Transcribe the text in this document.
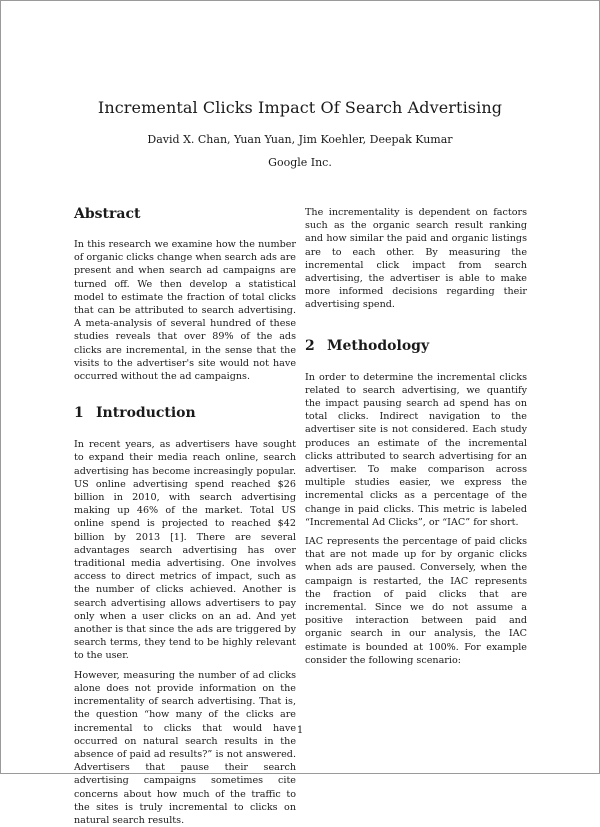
Incremental Clicks Impact Of Search Advertising
David X. Chan, Yuan Yuan, Jim Koehler, Deepak Kumar
Google Inc.
Abstract

In this research we examine how the number of organic clicks change when search ads are present and when search ad campaigns are turned off. We then develop a statistical model to estimate the fraction of total clicks that can be attributed to search advertising. A meta-analysis of several hundred of these studies reveals that over 89% of the ads clicks are incremental, in the sense that the visits to the advertiser's site would not have occurred without the ad campaigns.

1 Introduction

In recent years, as advertisers have sought to expand their media reach online, search advertising has become increasingly popular. US online advertising spend reached $26 billion in 2010, with search advertising making up 46% of the market. Total US online spend is projected to reached $42 billion by 2013 [1]. There are several advantages search advertising has over traditional media advertising. One involves access to direct metrics of impact, such as the number of clicks achieved. Another is search advertising allows advertisers to pay only when a user clicks on an ad. And yet another is that since the ads are triggered by search terms, they tend to be highly relevant to the user.

However, measuring the number of ad clicks alone does not provide information on the incrementality of search advertising. That is, the question “how many of the clicks are incremental to clicks that would have occurred on natural search results in the absence of paid ad results?” is not answered. Advertisers that pause their search advertising campaigns sometimes cite concerns about how much of the traffic to the sites is truly incremental to clicks on natural search results.

The incrementality is dependent on factors such as the organic search result ranking and how similar the paid and organic listings are to each other. By measuring the incremental click impact from search advertising, the advertiser is able to make more informed decisions regarding their advertising spend.

2 Methodology

In order to determine the incremental clicks related to search advertising, we quantify the impact pausing search ad spend has on total clicks. Indirect navigation to the advertiser site is not considered. Each study produces an estimate of the incremental clicks attributed to search advertising for an advertiser. To make comparison across multiple studies easier, we express the incremental clicks as a percentage of the change in paid clicks. This metric is labeled “Incremental Ad Clicks”, or “IAC” for short.

IAC represents the percentage of paid clicks that are not made up for by organic clicks when ads are paused. Conversely, when the campaign is restarted, the IAC represents the fraction of paid clicks that are incremental. Since we do not assume a positive interaction between paid and organic search in our analysis, the IAC estimate is bounded at 100%. For example consider the following scenario:

1
